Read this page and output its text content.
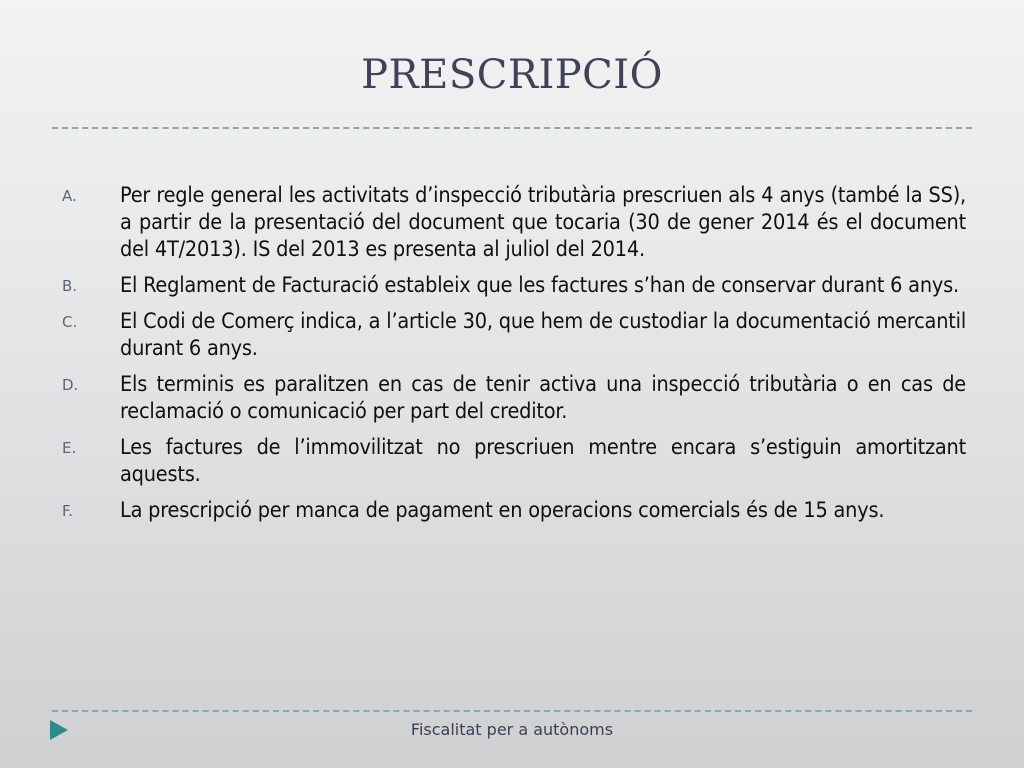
PRESCRIPCIÓ
A. Per regle general les activitats d’inspecció tributària prescriuen als 4 anys (també la SS), a partir de la presentació del document que tocaria (30 de gener 2014 és el document del 4T/2013). IS del 2013 es presenta al juliol del 2014.
B. El Reglament de Facturació estableix que les factures s’han de conservar durant 6 anys.
C. El Codi de Comerç indica, a l’article 30, que hem de custodiar la documentació mercantil durant 6 anys.
D. Els terminis es paralitzen en cas de tenir activa una inspecció tributària o en cas de reclamació o comunicació per part del creditor.
E. Les factures de l’immovilitzat no prescriuen mentre encara s’estiguin amortitzant aquests.
F. La prescripció per manca de pagament en operacions comercials és de 15 anys.
Fiscalitat per a autònoms
